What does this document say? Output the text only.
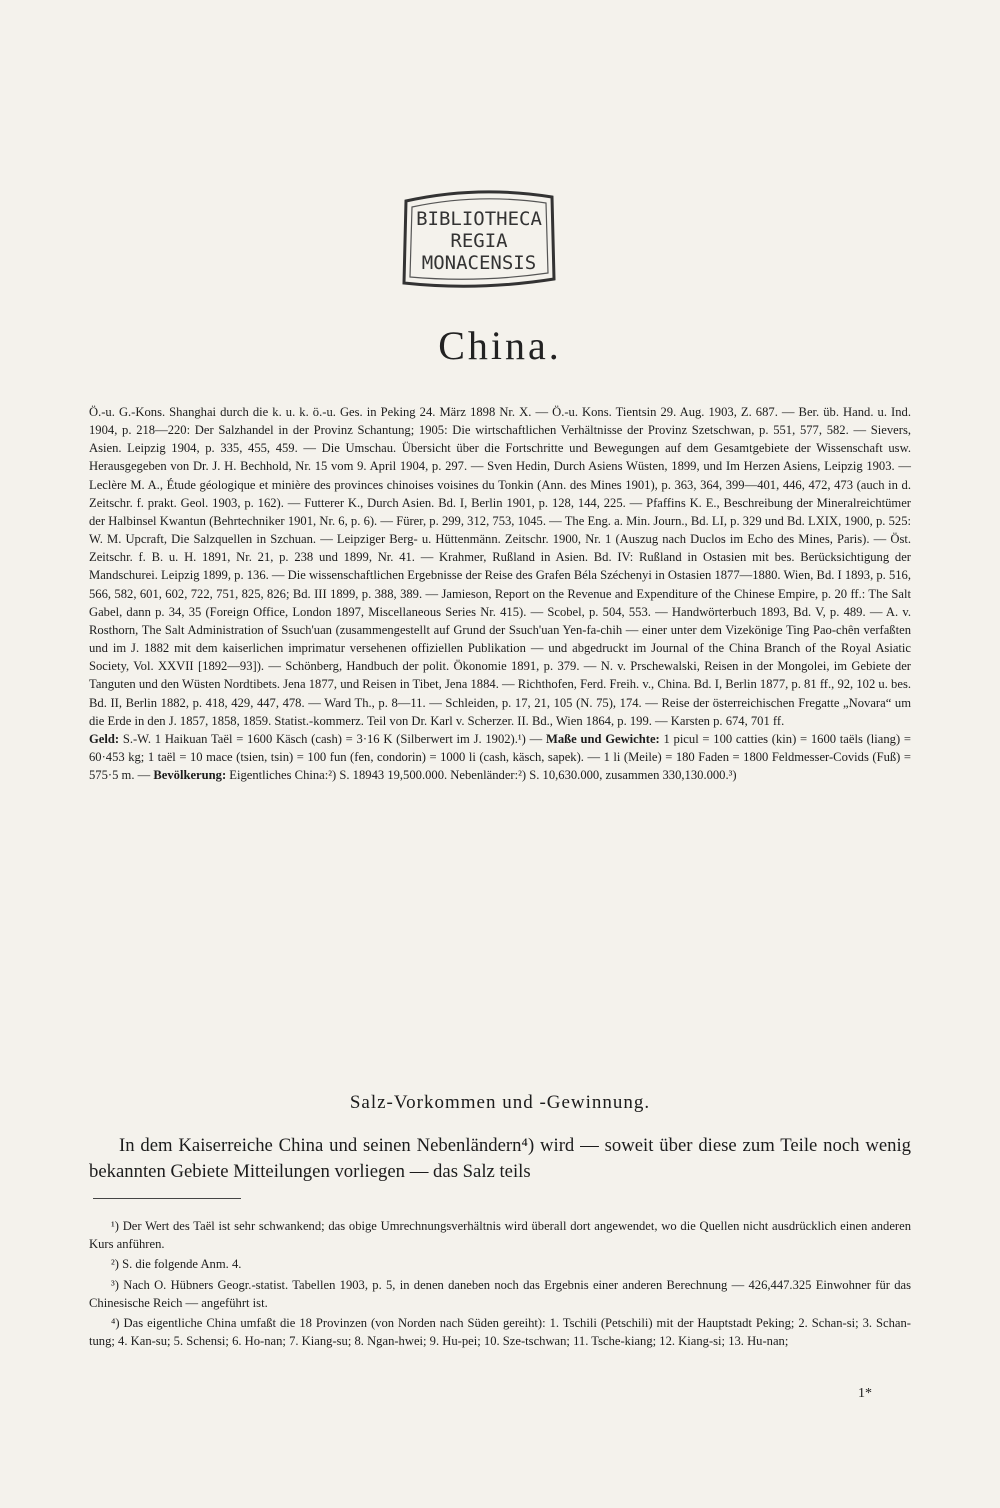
BIBLIOTHECA
REGIA
MONACENSIS
China.

Ö.-u. G.-Kons. Shanghai durch die k. u. k. ö.-u. Ges. in Peking 24. März 1898 Nr. X. — Ö.-u. Kons. Tientsin 29. Aug. 1903, Z. 687. — Ber. üb. Hand. u. Ind. 1904, p. 218—220: Der Salzhandel in der Provinz Schantung; 1905: Die wirtschaftlichen Verhältnisse der Provinz Szetschwan, p. 551, 577, 582. — Sievers, Asien. Leipzig 1904, p. 335, 455, 459. — Die Umschau. Übersicht über die Fortschritte und Bewegungen auf dem Gesamtgebiete der Wissenschaft usw. Herausgegeben von Dr. J. H. Bechhold, Nr. 15 vom 9. April 1904, p. 297. — Sven Hedin, Durch Asiens Wüsten, 1899, und Im Herzen Asiens, Leipzig 1903. — Leclère M. A., Étude géologique et minière des provinces chinoises voisines du Tonkin (Ann. des Mines 1901), p. 363, 364, 399—401, 446, 472, 473 (auch in d. Zeitschr. f. prakt. Geol. 1903, p. 162). — Futterer K., Durch Asien. Bd. I, Berlin 1901, p. 128, 144, 225. — Pfaffins K. E., Beschreibung der Mineralreichtümer der Halbinsel Kwantun (Behrtechniker 1901, Nr. 6, p. 6). — Fürer, p. 299, 312, 753, 1045. — The Eng. a. Min. Journ., Bd. LI, p. 329 und Bd. LXIX, 1900, p. 525: W. M. Upcraft, Die Salzquellen in Szchuan. — Leipziger Berg- u. Hüttenmänn. Zeitschr. 1900, Nr. 1 (Auszug nach Duclos im Echo des Mines, Paris). — Öst. Zeitschr. f. B. u. H. 1891, Nr. 21, p. 238 und 1899, Nr. 41. — Krahmer, Rußland in Asien. Bd. IV: Rußland in Ostasien mit bes. Berücksichtigung der Mandschurei. Leipzig 1899, p. 136. — Die wissenschaftlichen Ergebnisse der Reise des Grafen Béla Széchenyi in Ostasien 1877—1880. Wien, Bd. I 1893, p. 516, 566, 582, 601, 602, 722, 751, 825, 826; Bd. III 1899, p. 388, 389. — Jamieson, Report on the Revenue and Expenditure of the Chinese Empire, p. 20 ff.: The Salt Gabel, dann p. 34, 35 (Foreign Office, London 1897, Miscellaneous Series Nr. 415). — Scobel, p. 504, 553. — Handwörterbuch 1893, Bd. V, p. 489. — A. v. Rosthorn, The Salt Administration of Ssuch'uan (zusammengestellt auf Grund der Ssuch'uan Yen-fa-chih — einer unter dem Vizekönige Ting Pao-chên verfaßten und im J. 1882 mit dem kaiserlichen imprimatur versehenen offiziellen Publikation — und abgedruckt im Journal of the China Branch of the Royal Asiatic Society, Vol. XXVII [1892—93]). — Schönberg, Handbuch der polit. Ökonomie 1891, p. 379. — N. v. Prschewalski, Reisen in der Mongolei, im Gebiete der Tanguten und den Wüsten Nordtibets. Jena 1877, und Reisen in Tibet, Jena 1884. — Richthofen, Ferd. Freih. v., China. Bd. I, Berlin 1877, p. 81 ff., 92, 102 u. bes. Bd. II, Berlin 1882, p. 418, 429, 447, 478. — Ward Th., p. 8—11. — Schleiden, p. 17, 21, 105 (N. 75), 174. — Reise der österreichischen Fregatte „Novara“ um die Erde in den J. 1857, 1858, 1859. Statist.-kommerz. Teil von Dr. Karl v. Scherzer. II. Bd., Wien 1864, p. 199. — Karsten p. 674, 701 ff.

Geld: S.-W. 1 Haikuan Taël = 1600 Käsch (cash) = 3·16 K (Silberwert im J. 1902).¹) — Maße und Gewichte: 1 picul = 100 catties (kin) = 1600 taëls (liang) = 60·453 kg; 1 taël = 10 mace (tsien, tsin) = 100 fun (fen, condorin) = 1000 li (cash, käsch, sapek). — 1 li (Meile) = 180 Faden = 1800 Feldmesser-Covids (Fuß) = 575·5 m. — Bevölkerung: Eigentliches China:²) S. 18943 19,500.000. Nebenländer:²) S. 10,630.000, zusammen 330,130.000.³)

Salz-Vorkommen und -Gewinnung.

In dem Kaiserreiche China und seinen Nebenländern⁴) wird — soweit über diese zum Teile noch wenig bekannten Gebiete Mitteilungen vorliegen — das Salz teils

¹) Der Wert des Taël ist sehr schwankend; das obige Umrechnungsverhältnis wird überall dort angewendet, wo die Quellen nicht ausdrücklich einen anderen Kurs anführen.

²) S. die folgende Anm. 4.

³) Nach O. Hübners Geogr.-statist. Tabellen 1903, p. 5, in denen daneben noch das Ergebnis einer anderen Berechnung — 426,447.325 Einwohner für das Chinesische Reich — angeführt ist.

⁴) Das eigentliche China umfaßt die 18 Provinzen (von Norden nach Süden gereiht): 1. Tschili (Petschili) mit der Hauptstadt Peking; 2. Schan-si; 3. Schan-tung; 4. Kan-su; 5. Schensi; 6. Ho-nan; 7. Kiang-su; 8. Ngan-hwei; 9. Hu-pei; 10. Sze-tschwan; 11. Tsche-kiang; 12. Kiang-si; 13. Hu-nan;

1*
